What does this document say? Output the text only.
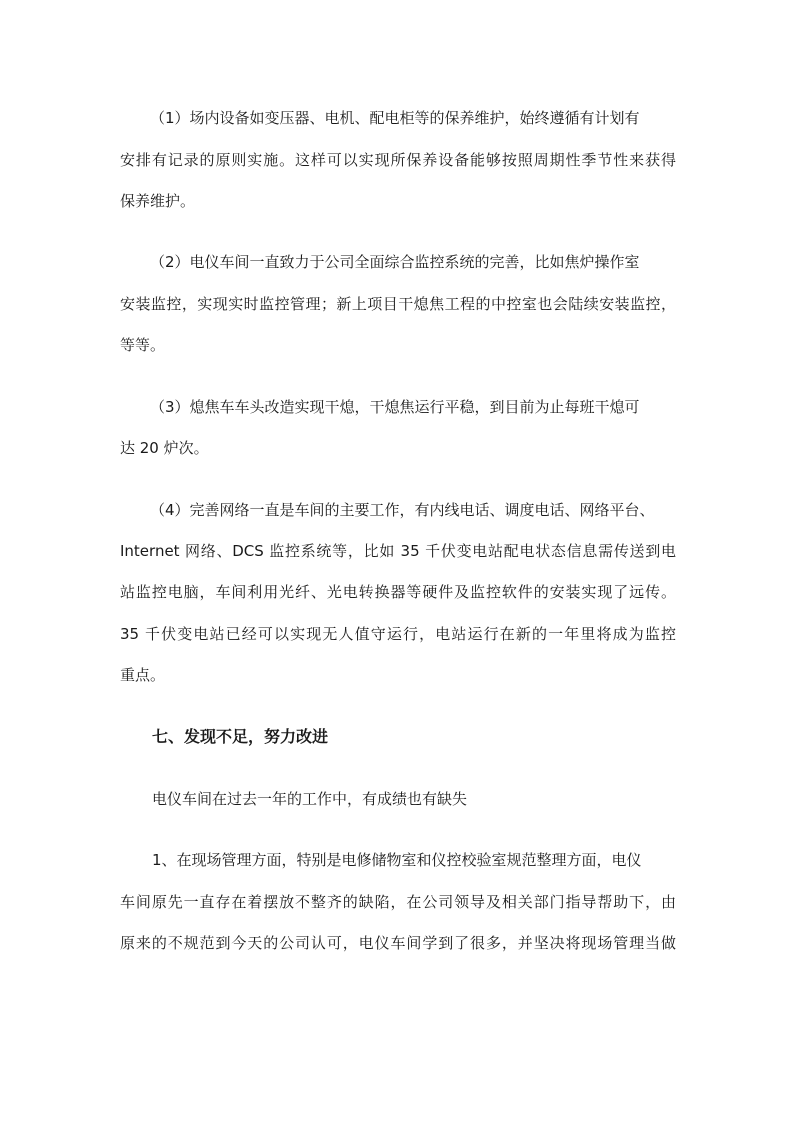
（1）场内设备如变压器、电机、配电柜等的保养维护，始终遵循有计划有
安排有记录的原则实施。这样可以实现所保养设备能够按照周期性季节性来获得
保养维护。
（2）电仪车间一直致力于公司全面综合监控系统的完善，比如焦炉操作室
安装监控，实现实时监控管理；新上项目干熄焦工程的中控室也会陆续安装监控，
等等。
（3）熄焦车车头改造实现干熄，干熄焦运行平稳，到目前为止每班干熄可
达 20 炉次。
（4）完善网络一直是车间的主要工作，有内线电话、调度电话、网络平台、
Internet 网络、DCS 监控系统等，比如 35 千伏变电站配电状态信息需传送到电
站监控电脑，车间利用光纤、光电转换器等硬件及监控软件的安装实现了远传。
35 千伏变电站已经可以实现无人值守运行，电站运行在新的一年里将成为监控
重点。
七、发现不足，努力改进
电仪车间在过去一年的工作中，有成绩也有缺失
1、在现场管理方面，特别是电修储物室和仪控校验室规范整理方面，电仪
车间原先一直存在着摆放不整齐的缺陷，在公司领导及相关部门指导帮助下，由
原来的不规范到今天的公司认可，电仪车间学到了很多，并坚决将现场管理当做
